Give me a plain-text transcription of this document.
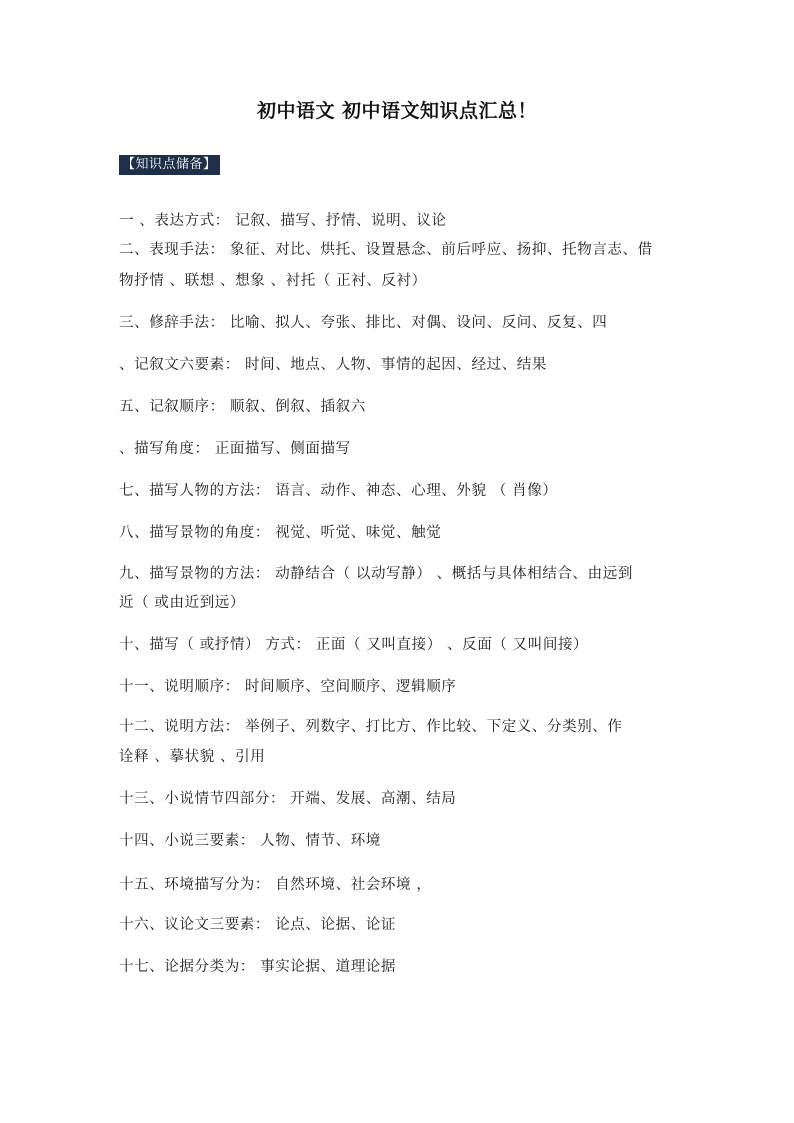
初中语文 初中语文知识点汇总！
【知识点储备】
一 、表达方式： 记叙、描写、抒情、说明、议论
二、表现手法： 象征、对比、烘托、设置悬念、前后呼应、扬抑、托物言志、借
物抒情 、联想 、想象 、衬托（ 正衬、反衬）
三、修辞手法： 比喻、拟人、夸张、排比、对偶、设问、反问、反复、四
、记叙文六要素： 时间、地点、人物、事情的起因、经过、结果
五、记叙顺序： 顺叙、倒叙、插叙六
、描写角度： 正面描写、侧面描写
七、描写人物的方法： 语言、动作、神态、心理、外貌 （ 肖像）
八、描写景物的角度： 视觉、听觉、味觉、触觉
九、描写景物的方法： 动静结合（ 以动写静） 、概括与具体相结合、由远到
近（ 或由近到远）
十、描写（ 或抒情） 方式： 正面（ 又叫直接） 、反面（ 又叫间接）
十一、说明顺序： 时间顺序、空间顺序、逻辑顺序
十二、说明方法： 举例子、列数字、打比方、作比较、下定义、分类别、作
诠释 、摹状貌 、引用
十三、小说情节四部分： 开端、发展、高潮、结局
十四、小说三要素： 人物、情节、环境
十五、环境描写分为： 自然环境、社会环境 ，
十六、议论文三要素： 论点、论据、论证
十七、论据分类为： 事实论据、道理论据
